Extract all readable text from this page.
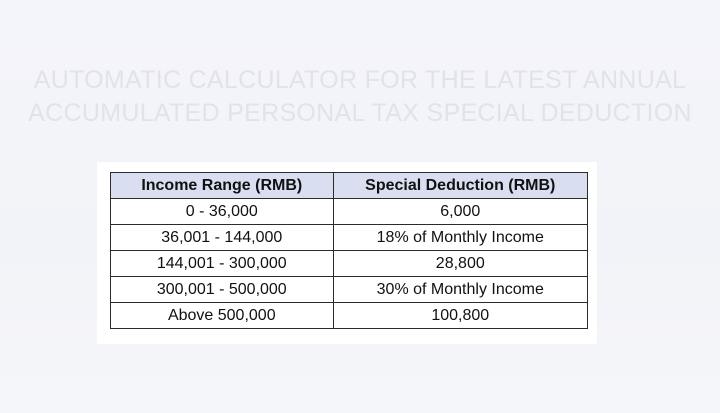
AUTOMATIC CALCULATOR FOR THE LATEST ANNUAL
ACCUMULATED PERSONAL TAX SPECIAL DEDUCTION
Income Range (RMB)	Special Deduction (RMB)
0 - 36,000	6,000
36,001 - 144,000	18% of Monthly Income
144,001 - 300,000	28,800
300,001 - 500,000	30% of Monthly Income
Above 500,000	100,800
